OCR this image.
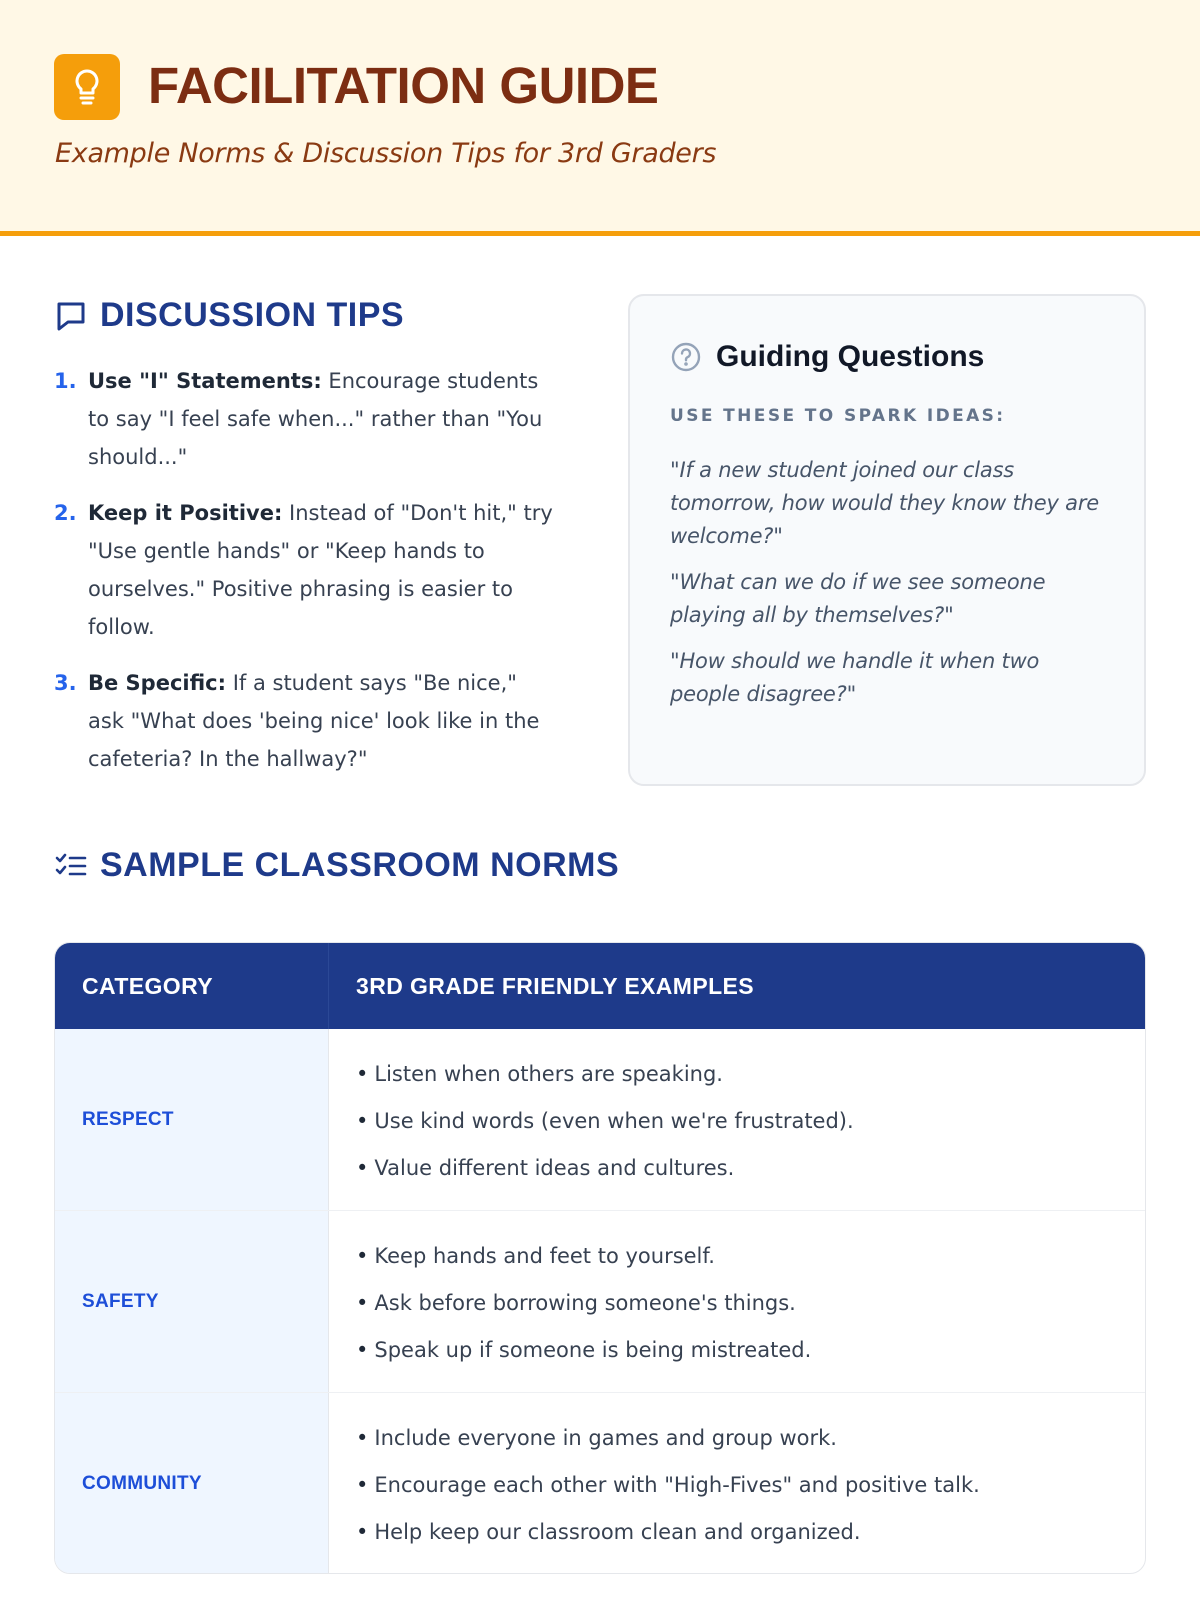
FACILITATION GUIDE

Example Norms & Discussion Tips for 3rd Graders

DISCUSSION TIPS
1. Use "I" Statements: Encourage students to say "I feel safe when..." rather than "You should..."
2. Keep it Positive: Instead of "Don't hit," try "Use gentle hands" or "Keep hands to ourselves." Positive phrasing is easier to follow.
3. Be Specific: If a student says "Be nice," ask "What does 'being nice' look like in the cafeteria? In the hallway?"
Guiding Questions
USE THESE TO SPARK IDEAS:
"If a new student joined our class tomorrow, how would they know they are welcome?"
"What can we do if we see someone playing all by themselves?"
"How should we handle it when two people disagree?"
SAMPLE CLASSROOM NORMS
CATEGORY	3RD GRADE FRIENDLY EXAMPLES
RESPECT
• Listen when others are speaking.
• Use kind words (even when we're frustrated).
• Value different ideas and cultures.
SAFETY
• Keep hands and feet to yourself.
• Ask before borrowing someone's things.
• Speak up if someone is being mistreated.
COMMUNITY
• Include everyone in games and group work.
• Encourage each other with "High-Fives" and positive talk.
• Help keep our classroom clean and organized.
